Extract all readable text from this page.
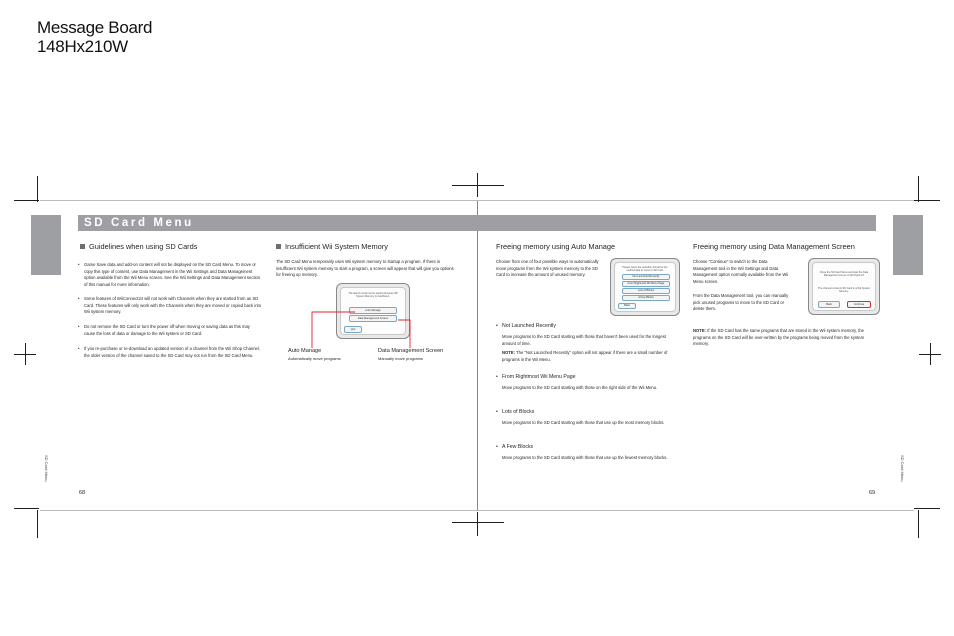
Message Board
148Hx210W
SD Card Menu
Guidelines when using SD Cards
• Game Save data and add-on content will not be displayed on the SD Card Menu. To move or copy this type of content, use Data Management in the Wii Settings and Data Management option available from the Wii Menu screen. See the Wii Settings and Data Management section of this manual for more information.
• Some features of WiiConnect24 will not work with Channels when they are started from an SD Card. These features will only work with the Channels when they are moved or copied back into Wii system memory.
• Do not remove the SD Card or turn the power off when moving or saving data as this may cause the loss of data or damage to the Wii system or SD Card.
• If you re-purchase or re-download an updated version of a channel from the Wii Shop Channel, the older version of the channel saved to the SD Card may not run from the SD Card Menu.
Insufficient Wii System Memory
The SD Card Menu temporarily uses Wii system memory to startup a program. If there is insufficient Wii system memory to start a program, a screen will appear that will give you options for freeing up memory.
The launch could not be started because Wii System Memory is insufficient.
Auto Manage
Data Management Screen
Quit
Auto Manage
Automatically move programs
Data Management Screen
Manually move programs
SD Card Menu
68
Freeing memory using Auto Manage
Choose from one of four possible ways to automatically move programs from the Wii system memory to the SD Card to increase the amount of unused memory.
Please select the selection format for the method data to move to SD Card.
Not Launched Recently
From Rightmost Wii Menu Page
Lots of Blocks
A Few Blocks
Back
• Not Launched Recently
Move programs to the SD Card starting with those that haven't been used for the longest amount of time.
NOTE: The "Not Launched Recently" option will not appear if there are a small number of programs in the Wii Menu.
• From Rightmost Wii Menu Page
Move programs to the SD Card starting with those on the right side of the Wii Menu.
• Lots of Blocks
Move programs to the SD Card starting with those that use up the most memory blocks.
• A Few Blocks
Move programs to the SD Card starting with those that use up the fewest memory blocks.
Freeing memory using Data Management Screen
Choose "Continue" to switch to the Data Management tool in the Wii Settings and Data Management option normally available from the Wii Menu screen.
From the Data Management tool, you can manually pick unused programs to move to the SD Card or delete them.
Close the SD Card Menu and start the Data Management screen in Wii Options?
The channel contents SD Card in a Wii System Memory.
Back	Continue
NOTE: If the SD Card has the same programs that are stored in the Wii system memory, the programs on the SD Card will be over-written by the programs being moved from the system memory.
SD Card Menu
69
